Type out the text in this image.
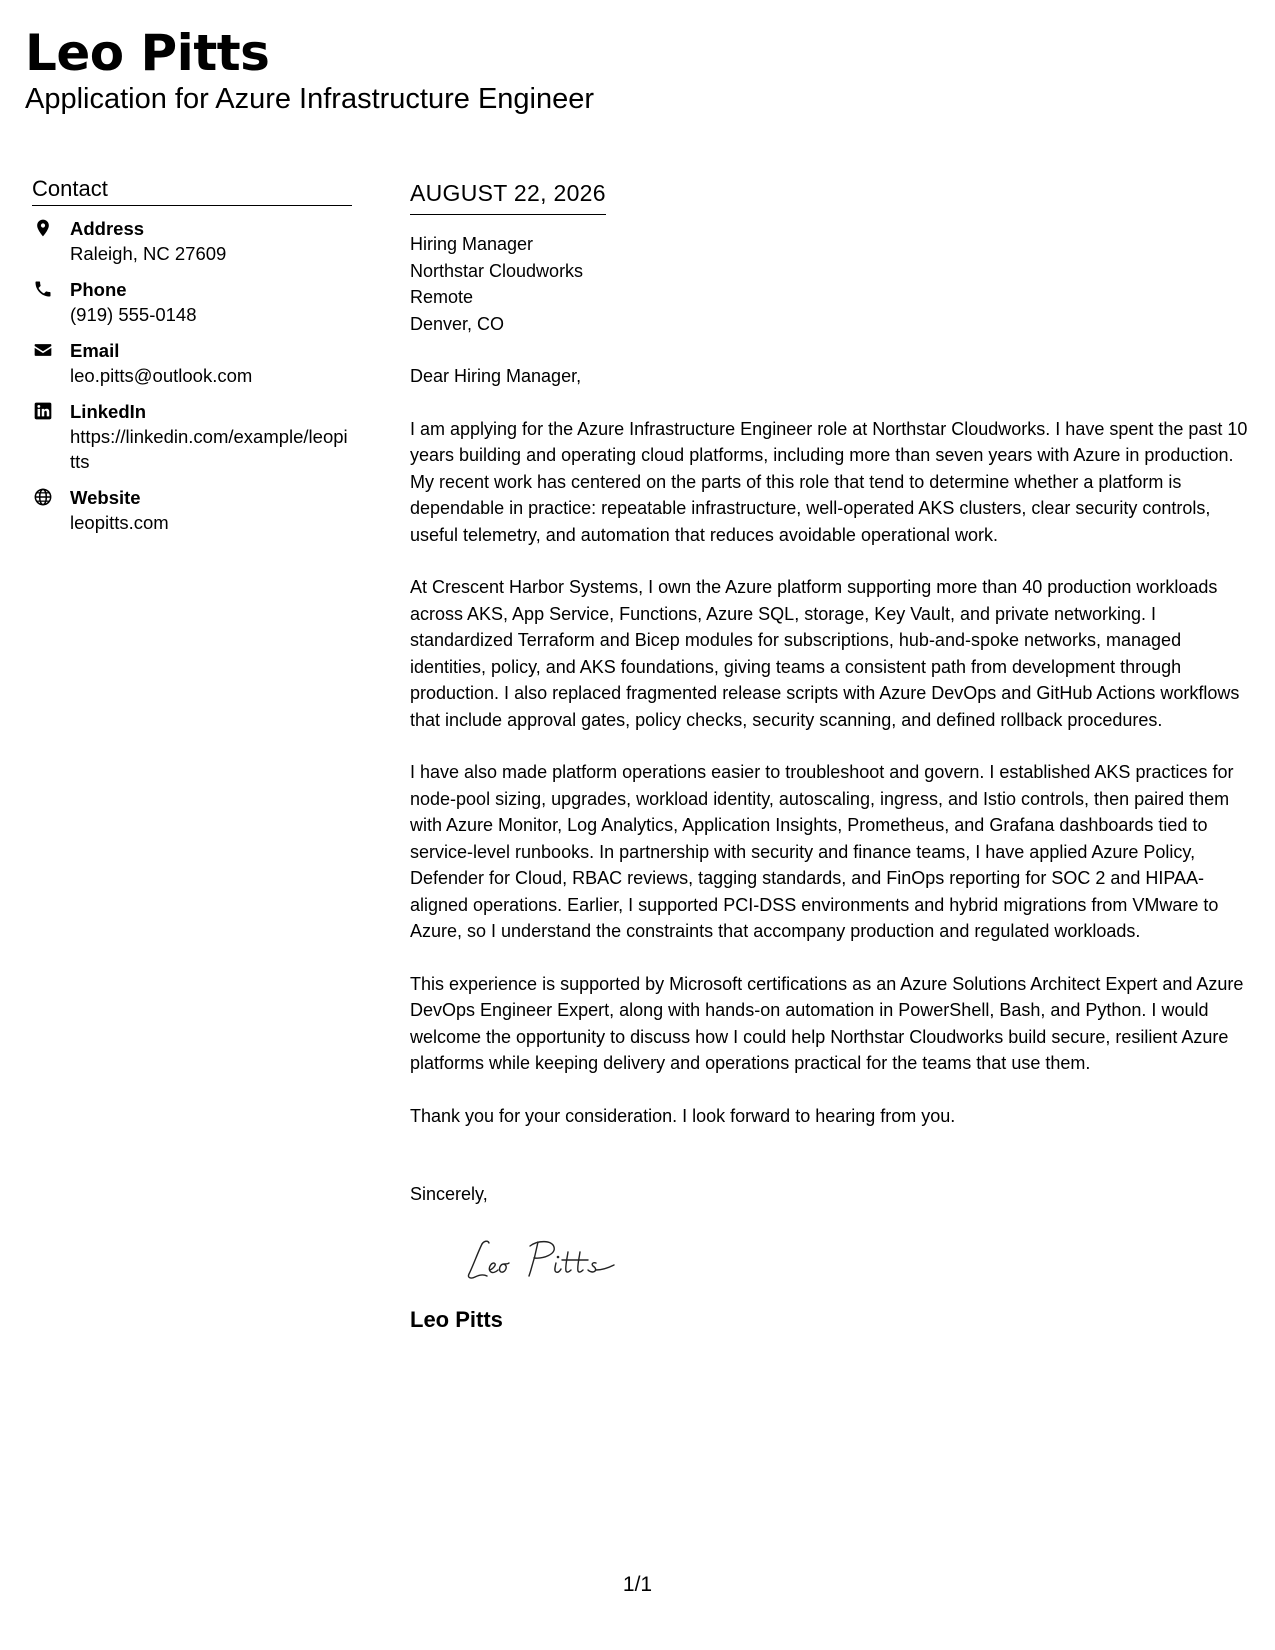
Leo Pitts
Application for Azure Infrastructure Engineer
Contact
Address
Raleigh, NC 27609
Phone
(919) 555-0148
Email
leo.pitts@outlook.com
LinkedIn
https://linkedin.com/example/leopitts
Website
leopitts.com
AUGUST 22, 2026
Hiring Manager
Northstar Cloudworks
Remote
Denver, CO
Dear Hiring Manager,
I am applying for the Azure Infrastructure Engineer role at Northstar Cloudworks. I have spent the past 10 years building and operating cloud platforms, including more than seven years with Azure in production. My recent work has centered on the parts of this role that tend to determine whether a platform is dependable in practice: repeatable infrastructure, well-operated AKS clusters, clear security controls, useful telemetry, and automation that reduces avoidable operational work.
At Crescent Harbor Systems, I own the Azure platform supporting more than 40 production workloads across AKS, App Service, Functions, Azure SQL, storage, Key Vault, and private networking. I standardized Terraform and Bicep modules for subscriptions, hub-and-spoke networks, managed identities, policy, and AKS foundations, giving teams a consistent path from development through production. I also replaced fragmented release scripts with Azure DevOps and GitHub Actions workflows that include approval gates, policy checks, security scanning, and defined rollback procedures.
I have also made platform operations easier to troubleshoot and govern. I established AKS practices for node-pool sizing, upgrades, workload identity, autoscaling, ingress, and Istio controls, then paired them with Azure Monitor, Log Analytics, Application Insights, Prometheus, and Grafana dashboards tied to service-level runbooks. In partnership with security and finance teams, I have applied Azure Policy, Defender for Cloud, RBAC reviews, tagging standards, and FinOps reporting for SOC 2 and HIPAA-aligned operations. Earlier, I supported PCI-DSS environments and hybrid migrations from VMware to Azure, so I understand the constraints that accompany production and regulated workloads.
This experience is supported by Microsoft certifications as an Azure Solutions Architect Expert and Azure DevOps Engineer Expert, along with hands-on automation in PowerShell, Bash, and Python. I would welcome the opportunity to discuss how I could help Northstar Cloudworks build secure, resilient Azure platforms while keeping delivery and operations practical for the teams that use them.
Thank you for your consideration. I look forward to hearing from you.
Sincerely,
Leo Pitts
1/1
